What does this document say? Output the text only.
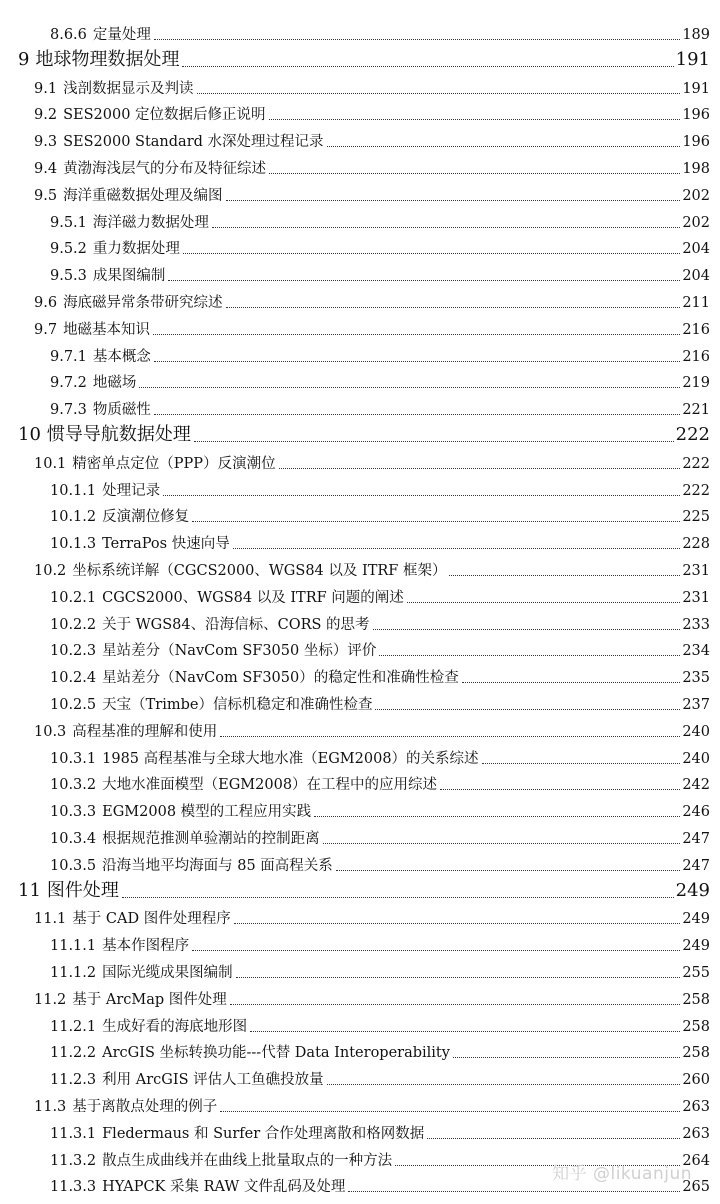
8.6.6 定量处理	189
9 地球物理数据处理	191
9.1 浅剖数据显示及判读	191
9.2 SES2000 定位数据后修正说明	196
9.3 SES2000 Standard 水深处理过程记录	196
9.4 黄渤海浅层气的分布及特征综述	198
9.5 海洋重磁数据处理及编图	202
9.5.1 海洋磁力数据处理	202
9.5.2 重力数据处理	204
9.5.3 成果图编制	204
9.6 海底磁异常条带研究综述	211
9.7 地磁基本知识	216
9.7.1 基本概念	216
9.7.2 地磁场	219
9.7.3 物质磁性	221
10 惯导导航数据处理	222
10.1 精密单点定位（PPP）反演潮位	222
10.1.1 处理记录	222
10.1.2 反演潮位修复	225
10.1.3 TerraPos 快速向导	228
10.2 坐标系统详解（CGCS2000、WGS84 以及 ITRF 框架）	231
10.2.1 CGCS2000、WGS84 以及 ITRF 问题的阐述	231
10.2.2 关于 WGS84、沿海信标、CORS 的思考	233
10.2.3 星站差分（NavCom SF3050 坐标）评价	234
10.2.4 星站差分（NavCom SF3050）的稳定性和准确性检查	235
10.2.5 天宝（Trimbe）信标机稳定和准确性检查	237
10.3 高程基准的理解和使用	240
10.3.1 1985 高程基准与全球大地水准（EGM2008）的关系综述	240
10.3.2 大地水准面模型（EGM2008）在工程中的应用综述	242
10.3.3 EGM2008 模型的工程应用实践	246
10.3.4 根据规范推测单验潮站的控制距离	247
10.3.5 沿海当地平均海面与 85 面高程关系	247
11 图件处理	249
11.1 基于 CAD 图件处理程序	249
11.1.1 基本作图程序	249
11.1.2 国际光缆成果图编制	255
11.2 基于 ArcMap 图件处理	258
11.2.1 生成好看的海底地形图	258
11.2.2 ArcGIS 坐标转换功能---代替 Data Interoperability	258
11.2.3 利用 ArcGIS 评估人工鱼礁投放量	260
11.3 基于离散点处理的例子	263
11.3.1 Fledermaus 和 Surfer 合作处理离散和格网数据	263
11.3.2 散点生成曲线并在曲线上批量取点的一种方法	264
11.3.3 HYAPCK 采集 RAW 文件乱码及处理	265
知乎 @likuanjun
